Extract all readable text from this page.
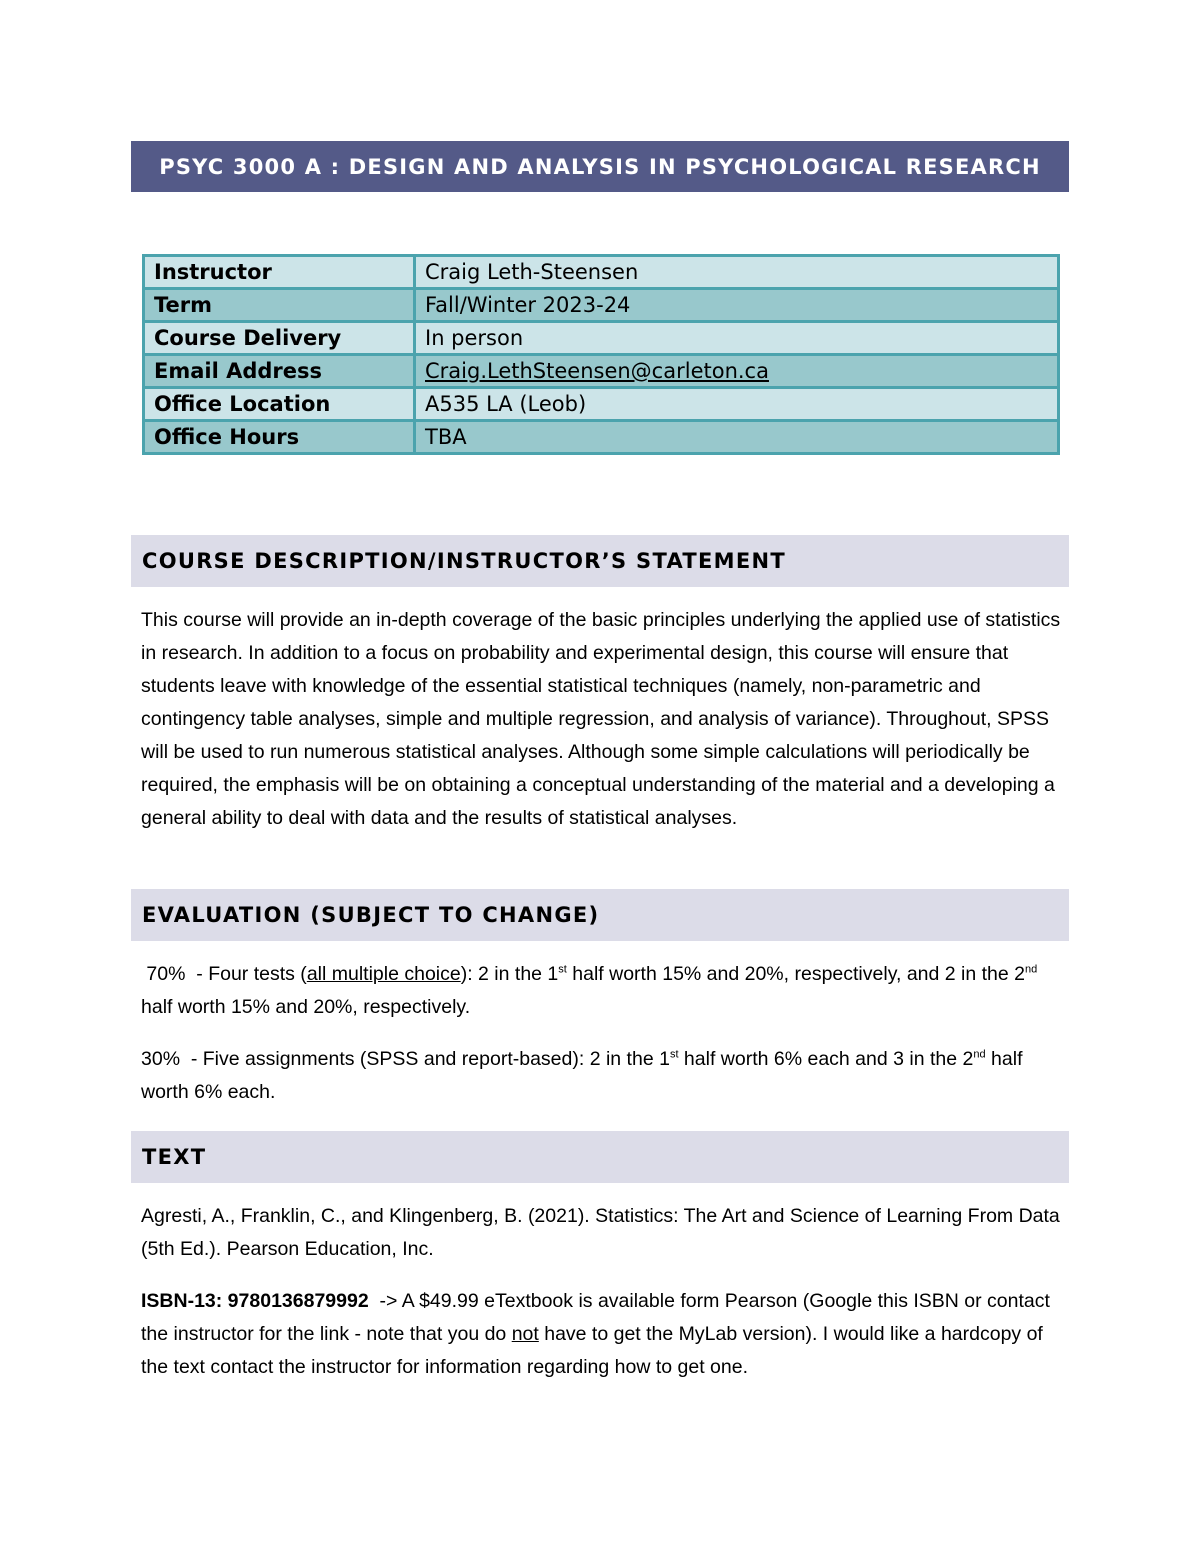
PSYC 3000 A : DESIGN AND ANALYSIS IN PSYCHOLOGICAL RESEARCH
Instructor	Craig Leth-Steensen
Term	Fall/Winter 2023-24
Course Delivery	In person
Email Address	Craig.LethSteensen@carleton.ca
Office Location	A535 LA (Leob)
Office Hours	TBA
COURSE DESCRIPTION/INSTRUCTOR’S STATEMENT

This course will provide an in-depth coverage of the basic principles underlying the applied use of statistics in research. In addition to a focus on probability and experimental design, this course will ensure that students leave with knowledge of the essential statistical techniques (namely, non-parametric and contingency table analyses, simple and multiple regression, and analysis of variance). Throughout, SPSS will be used to run numerous statistical analyses. Although some simple calculations will periodically be required, the emphasis will be on obtaining a conceptual understanding of the material and a developing a general ability to deal with data and the results of statistical analyses.

EVALUATION (SUBJECT TO CHANGE)

70%  - Four tests (all multiple choice): 2 in the 1st half worth 15% and 20%, respectively, and 2 in the 2nd half worth 15% and 20%, respectively.

30%  - Five assignments (SPSS and report-based): 2 in the 1st half worth 6% each and 3 in the 2nd half worth 6% each.

TEXT

Agresti, A., Franklin, C., and Klingenberg, B. (2021). Statistics: The Art and Science of Learning From Data (5th Ed.). Pearson Education, Inc.

ISBN-13: 9780136879992  -> A $49.99 eTextbook is available form Pearson (Google this ISBN or contact the instructor for the link - note that you do not have to get the MyLab version). I would like a hardcopy of the text contact the instructor for information regarding how to get one.
